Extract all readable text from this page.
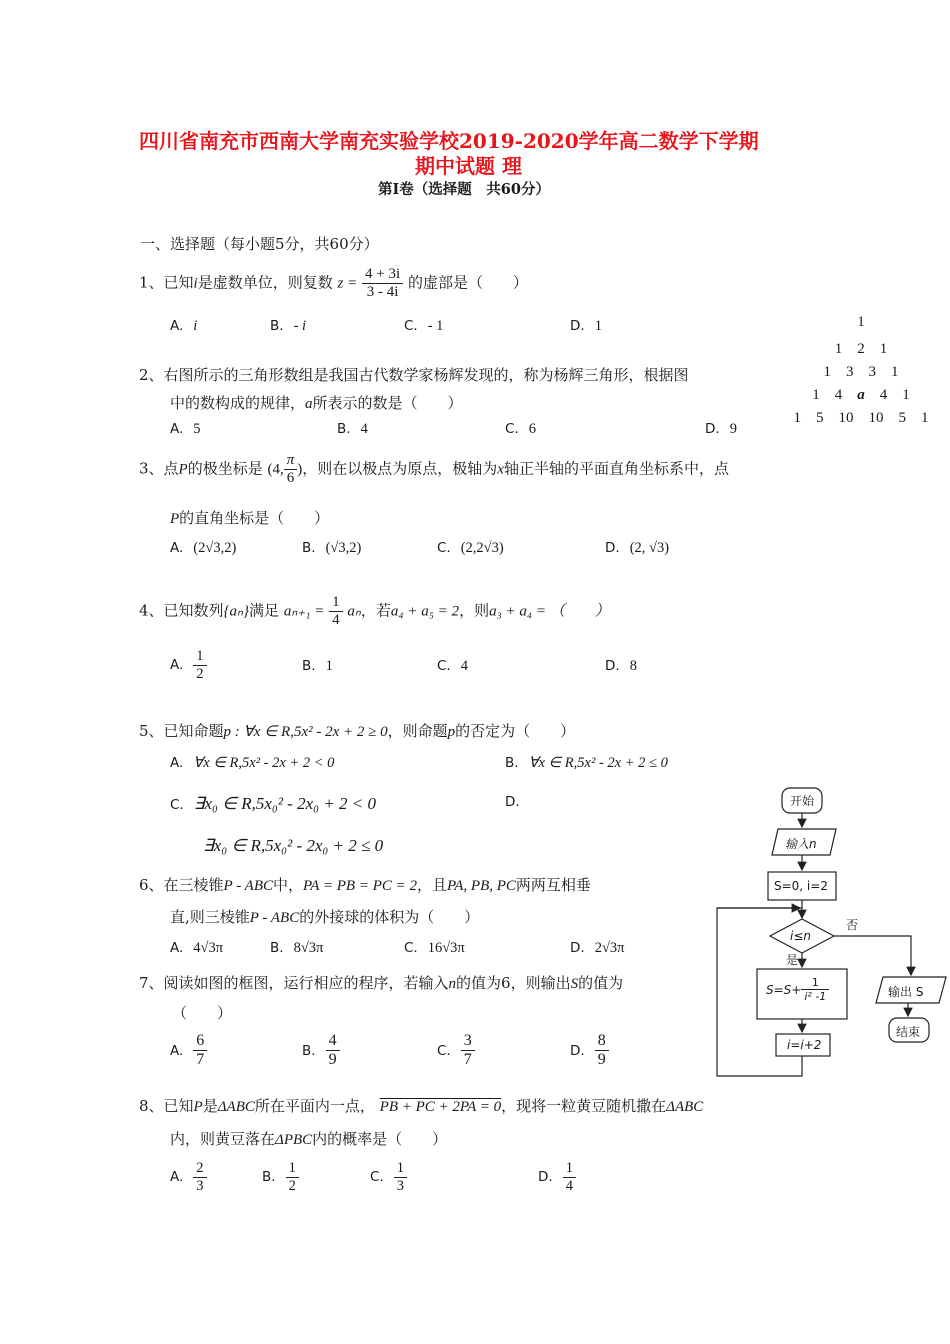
四川省南充市西南大学南充实验学校2019-2020学年高二数学下学期
期中试题 理
第Ⅰ卷（选择题　共60分）
一、选择题（每小题5分，共60分）
1、已知i是虚数单位，则复数 $z = \frac{4 + 3i}{3 - 4i}$ 的虚部是（　　）
A. i	B. - i	C. - 1	D. 1	1
1　2　1
1　3　3　1
1　4　a　4　1
1　5　10　10　5　1
2、右图所示的三角形数组是我国古代数学家杨辉发现的，称为杨辉三角形，根据图
中的数构成的规律，a所表示的数是（　　）
A. 5	B. 4	C. 6	D. 9
3、点P的极坐标是 (4, $\frac{\pi}{6}$ )，则在以极点为原点，极轴为x轴正半轴的平面直角坐标系中，点
P的直角坐标是（　　）
A. (2√3,2)	B. (√3,2)	C. (2,2√3)	D. (2, √3)
4、已知数列{aₙ}满足 $a_{n+1} = \frac{1}{4}$ aₙ，若a₄ + a₅ = 2，则a₃ + a₄ = （　　）
A. $\frac{1}{2}$	B. 1	C. 4	D. 8
5、已知命题p : ∀x ∈ R,5x² - 2x + 2 ≥ 0，则命题p的否定为（　　）
A. ∀x ∈ R,5x² - 2x + 2 < 0	B. ∀x ∈ R,5x² - 2x + 2 ≤ 0
C. ∃x₀ ∈ R,5x₀² - 2x₀ + 2 < 0	D.
∃x₀ ∈ R,5x₀² - 2x₀ + 2 ≤ 0
6、在三棱锥P - ABC中，PA = PB = PC = 2，且PA, PB, PC两两互相垂
直,则三棱锥P - ABC的外接球的体积为（　　）
A. 4√3π	B. 8√3π	C. 16√3π	D. 2√3π
7、阅读如图的框图，运行相应的程序，若输入n的值为6，则输出S的值为
（　　）
A. $\frac{6}{7}$	B. $\frac{4}{9}$	C. $\frac{3}{7}$	D. $\frac{8}{9}$
8、已知P是ΔABC所在平面内一点， PB + PC + 2PA = 0，现将一粒黄豆随机撒在ΔABC
内，则黄豆落在ΔPBC内的概率是（　　）
A. $\frac{2}{3}$	B. $\frac{1}{2}$	C. $\frac{1}{3}$	D. $\frac{1}{4}$
开始
输入n
S=0, i=2
i≤n
是
否
$S=S+ \frac{1}{\text{i² -1}}$
i=i+2
输出 S
结束
